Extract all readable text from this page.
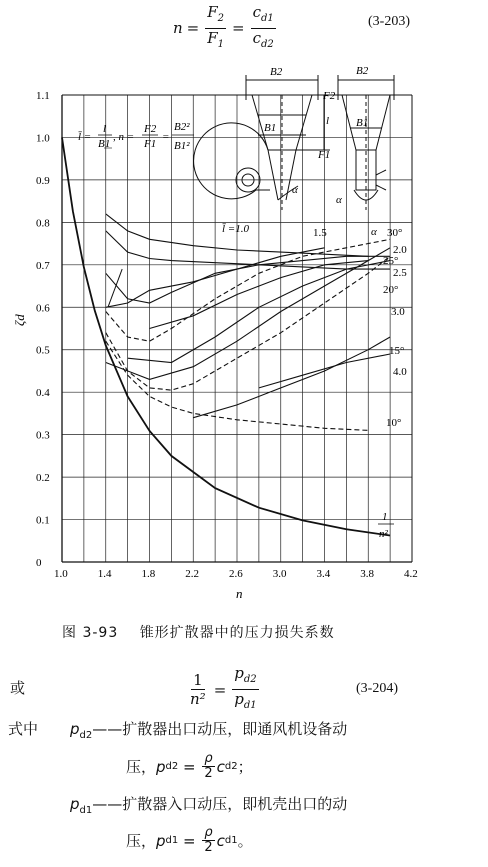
$n = \frac{F_2}{F_1} = \frac{c_{d1}}{c_{d2}}$	(3-203)
1.0	1.4	1.8	2.2	2.6	3.0	3.4	3.8	4.2
0
0.1
0.2
0.3
0.4
0.5
0.6
0.7
0.8
0.9
1.0
1.1
ζd
n
l̄ =
l
B1
, n =
F2
F1
=
B2²
B1²
B2	B2
B1	B1
F2
F1
l
α
α
l̄ =1.0	1.5	α 30°
2.0
25°
2.5
20°
3.0
15°
4.0
10°
1
n²
图 3-93 锥形扩散器中的压力损失系数
或	$\frac{1}{\text{n²}} = \frac{p_{d2}}{p_{d1}}$	(3-204)
式中 $p_{d2}——$扩散器出口动压，即通风机设备动
压， p $d2 = \frac{\rho}{2}$ c d2 ；
$p_{d1}——$扩散器入口动压，即机壳出口的动
压， p $d1 = \frac{\rho}{2}$ c d1 。
